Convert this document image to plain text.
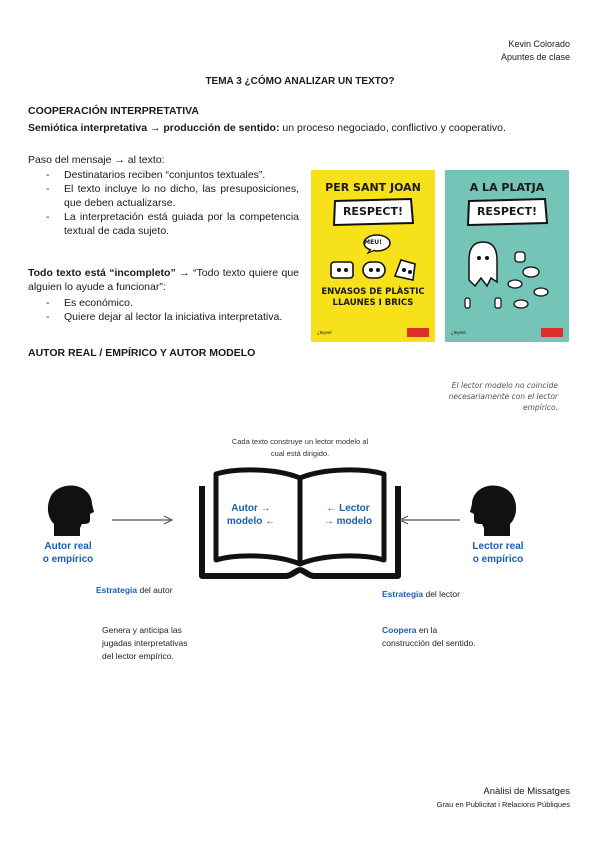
Kevin Colorado
Apuntes de clase
TEMA 3 ¿CÓMO ANALIZAR UN TEXTO?
COOPERACIÓN INTERPRETATIVA
Semiótica interpretativa → producción de sentido: un proceso negociado, conflictivo y cooperativo.
Paso del mensaje → al texto:
- Destinatarios reciben “conjuntos textuales”.
- El texto incluye lo no dicho, las presuposiciones, que deben actualizarse.
- La interpretación está guiada por la competencia textual de cada sujeto.
Todo texto está “incompleto” → “Todo texto quiere que alguien lo ayude a funcionar”:
- Es económico.
- Quiere dejar al lector la iniciativa interpretativa.
PER SANT JOAN
RESPECT!
MEU!
ENVASOS DE PLÀSTIC
LLAUNES I BRICS
¿leyeel
A LA PLATJA
RESPECT!
¿leyeel
AUTOR REAL / EMPÍRICO Y AUTOR MODELO
El lector modelo no coincide
necesariamente con el lector
empírico.
Cada texto construye un lector modelo al
cual está dirigido.
Autor →
modelo ←
← Lector
→ modelo
Autor real
o empírico
Lector real
o empírico
Estrategia del autor	Estrategia del lector
Genera y anticipa las
jugadas interpretativas
del lector empírico.
Coopera en la
construcción del sentido.
Anàlisi de Missatges
Grau en Publicitat i Relacions Públiques
